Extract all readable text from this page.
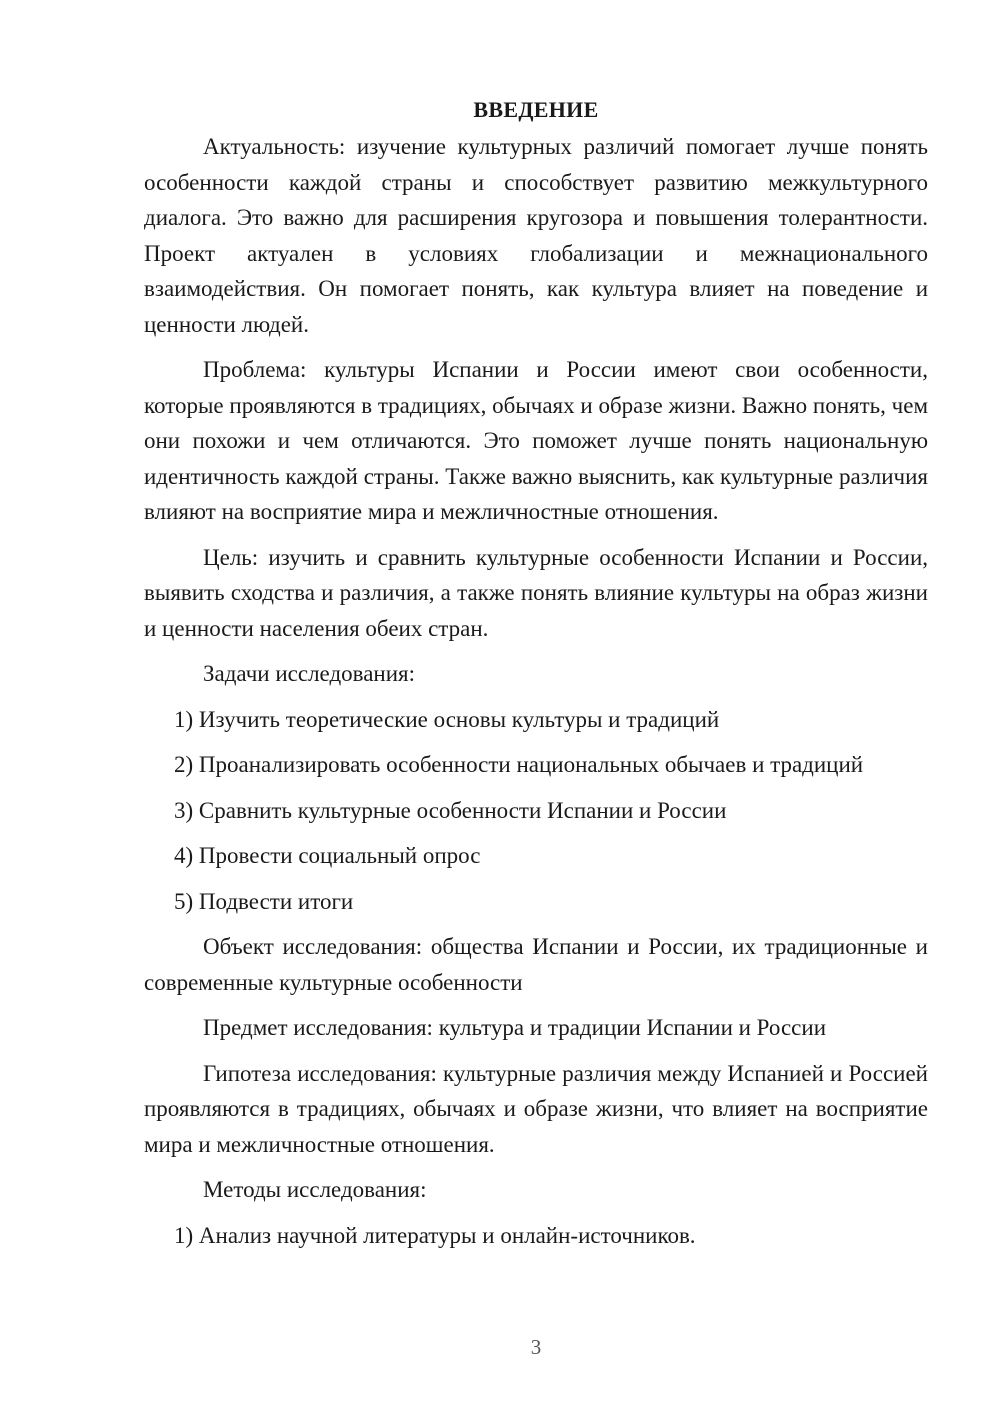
ВВЕДЕНИЕ

Актуальность: изучение культурных различий помогает лучше понять особенности каждой страны и способствует развитию межкультурного диалога. Это важно для расширения кругозора и повышения толерантности. Проект актуален в условиях глобализации и межнационального взаимодействия. Он помогает понять, как культура влияет на поведение и ценности людей.

Проблема: культуры Испании и России имеют свои особенности, которые проявляются в традициях, обычаях и образе жизни. Важно понять, чем они похожи и чем отличаются. Это поможет лучше понять национальную идентичность каждой страны. Также важно выяснить, как культурные различия влияют на восприятие мира и межличностные отношения.

Цель: изучить и сравнить культурные особенности Испании и России, выявить сходства и различия, а также понять влияние культуры на образ жизни и ценности населения обеих стран.

Задачи исследования:

1) Изучить теоретические основы культуры и традиций

2) Проанализировать особенности национальных обычаев и традиций

3) Сравнить культурные особенности Испании и России

4) Провести социальный опрос

5) Подвести итоги

Объект исследования: общества Испании и России, их традиционные и современные культурные особенности

Предмет исследования: культура и традиции Испании и России

Гипотеза исследования: культурные различия между Испанией и Россией проявляются в традициях, обычаях и образе жизни, что влияет на восприятие мира и межличностные отношения.

Методы исследования:

1) Анализ научной литературы и онлайн-источников.

3
